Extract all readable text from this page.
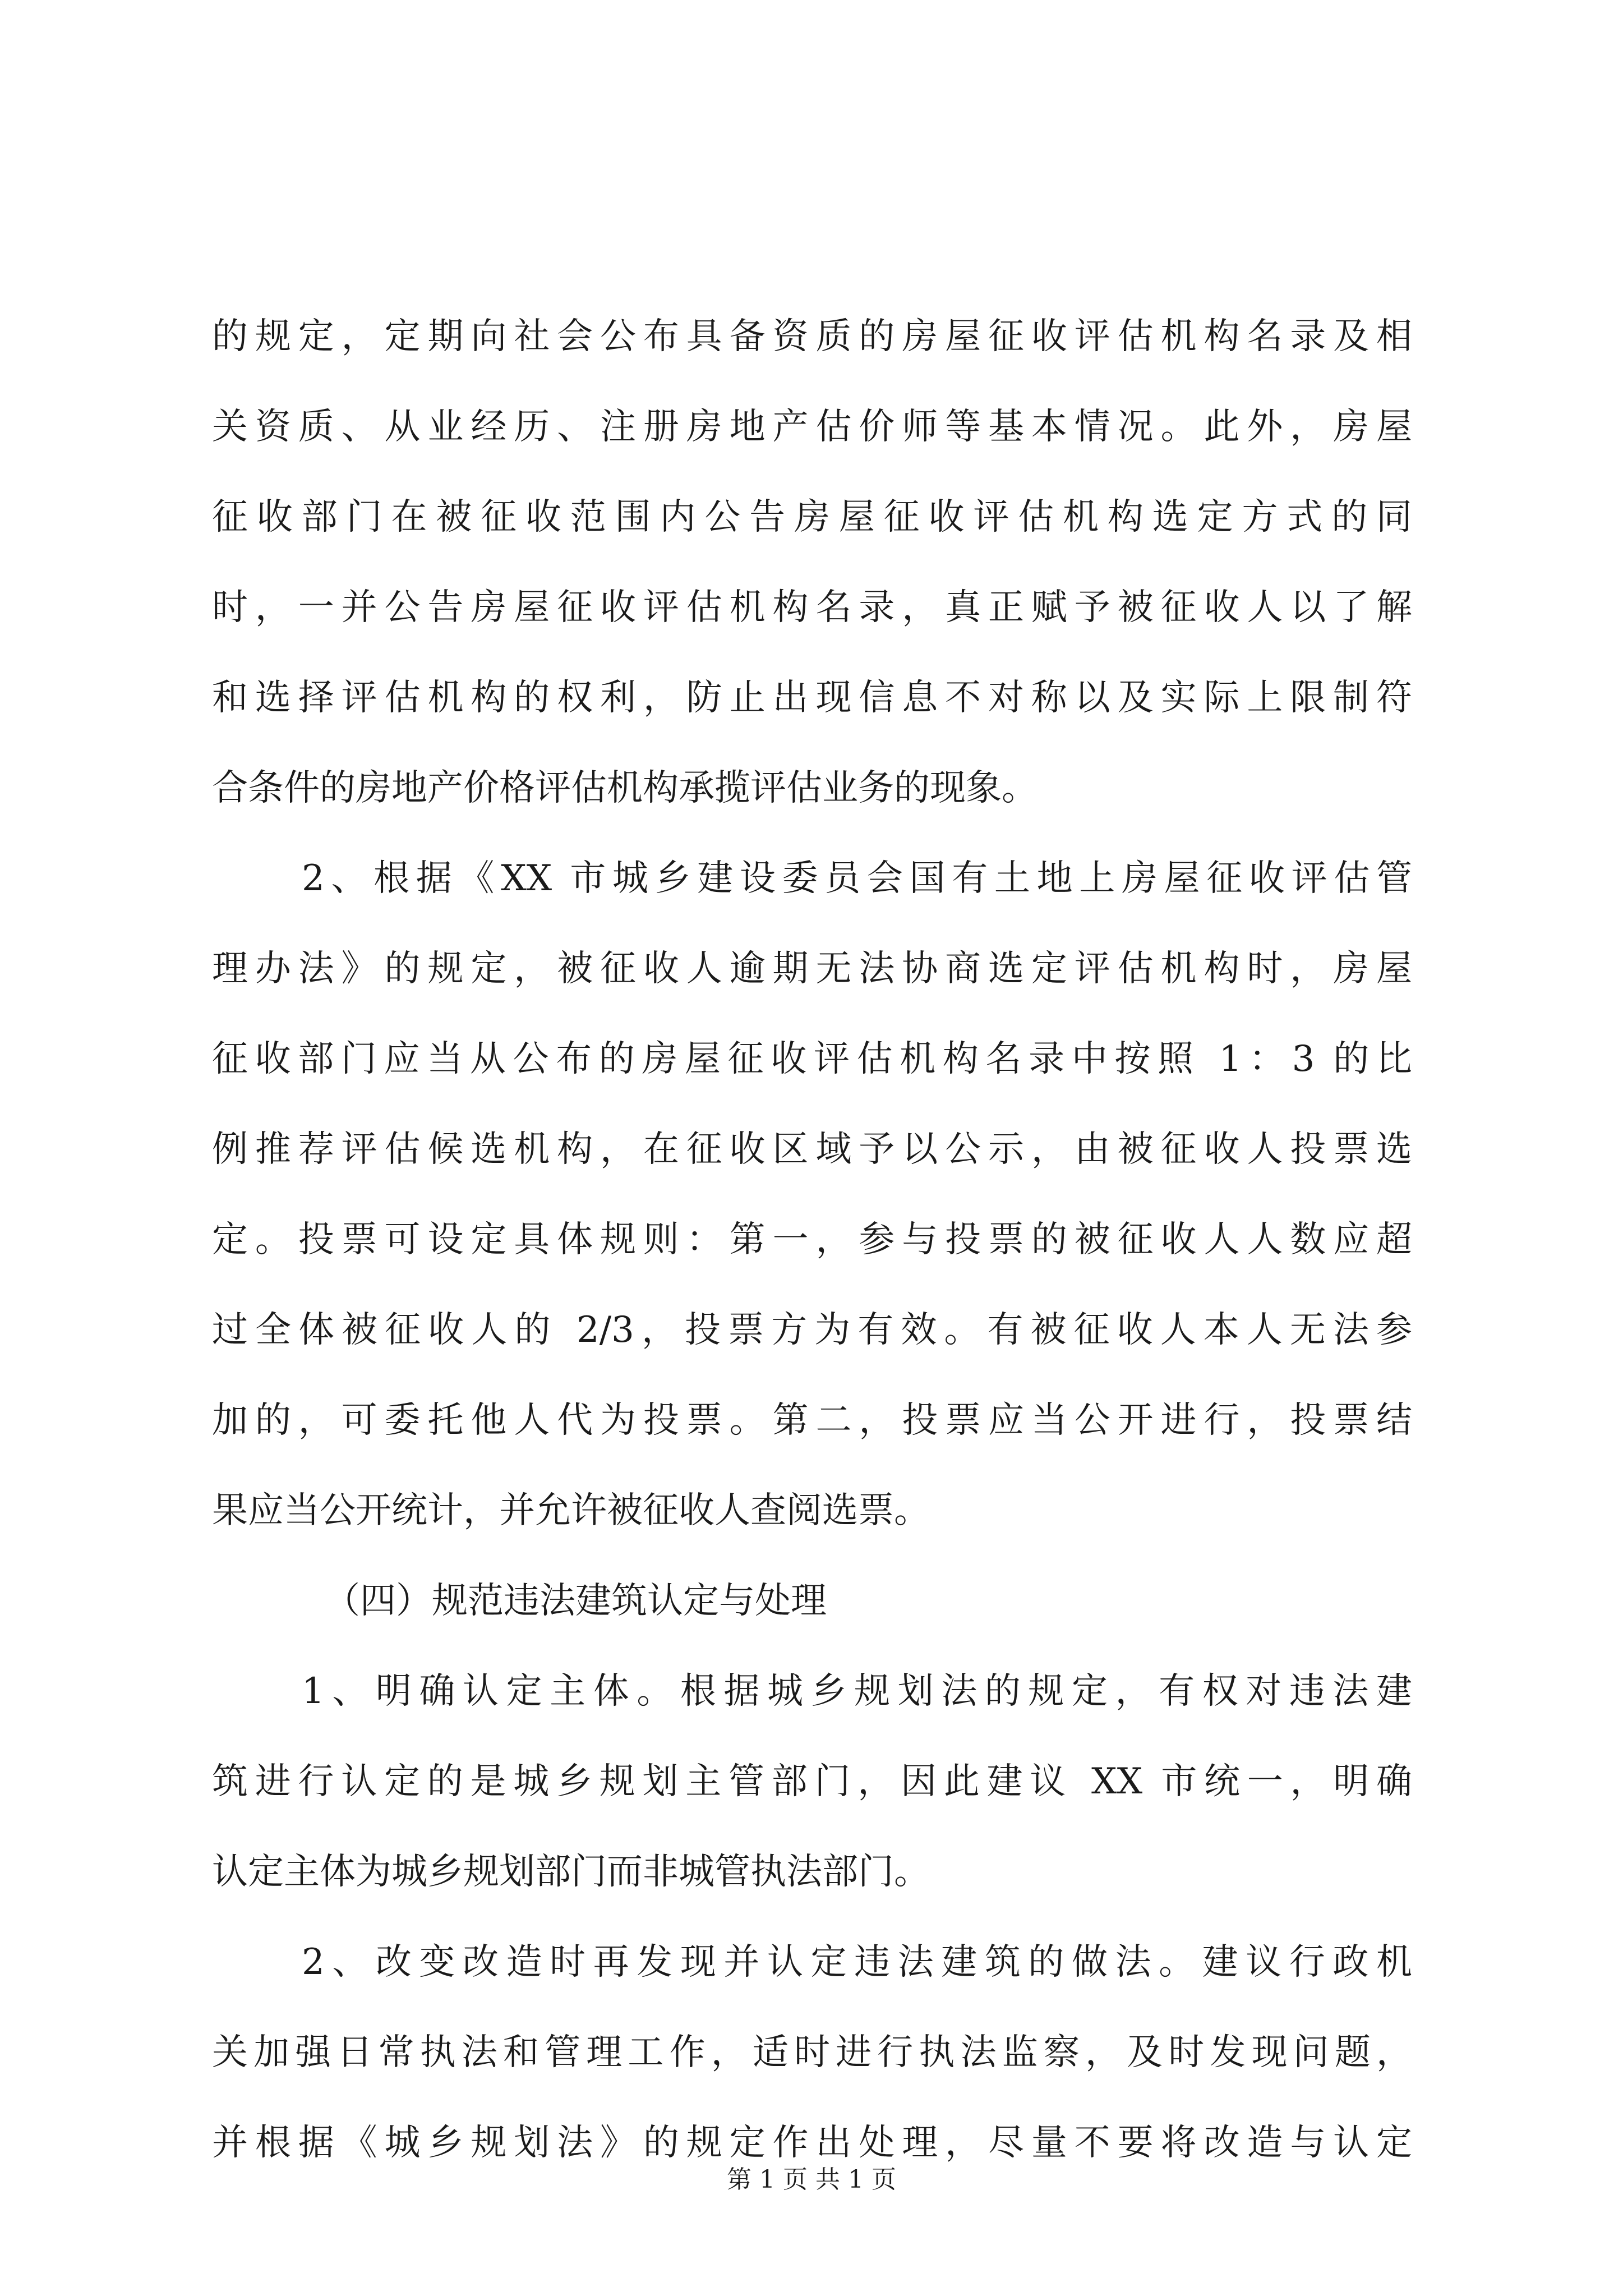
的规定，定期向社会公布具备资质的房屋征收评估机构名录及相
关资质、从业经历、注册房地产估价师等基本情况。此外，房屋
征收部门在被征收范围内公告房屋征收评估机构选定方式的同
时，一并公告房屋征收评估机构名录，真正赋予被征收人以了解
和选择评估机构的权利，防止出现信息不对称以及实际上限制符
合条件的房地产价格评估机构承揽评估业务的现象。
2、根据《XX 市城乡建设委员会国有土地上房屋征收评估管
理办法》的规定，被征收人逾期无法协商选定评估机构时，房屋
征收部门应当从公布的房屋征收评估机构名录中按照 1：3 的比
例推荐评估候选机构，在征收区域予以公示，由被征收人投票选
定。投票可设定具体规则：第一，参与投票的被征收人人数应超
过全体被征收人的 2/3，投票方为有效。有被征收人本人无法参
加的，可委托他人代为投票。第二，投票应当公开进行，投票结
果应当公开统计，并允许被征收人查阅选票。
（四）规范违法建筑认定与处理
1、明确认定主体。根据城乡规划法的规定，有权对违法建
筑进行认定的是城乡规划主管部门，因此建议 XX 市统一，明确
认定主体为城乡规划部门而非城管执法部门。
2、改变改造时再发现并认定违法建筑的做法。建议行政机
关加强日常执法和管理工作，适时进行执法监察，及时发现问题，
并根据《城乡规划法》的规定作出处理，尽量不要将改造与认定
第 1 页 共 1 页
